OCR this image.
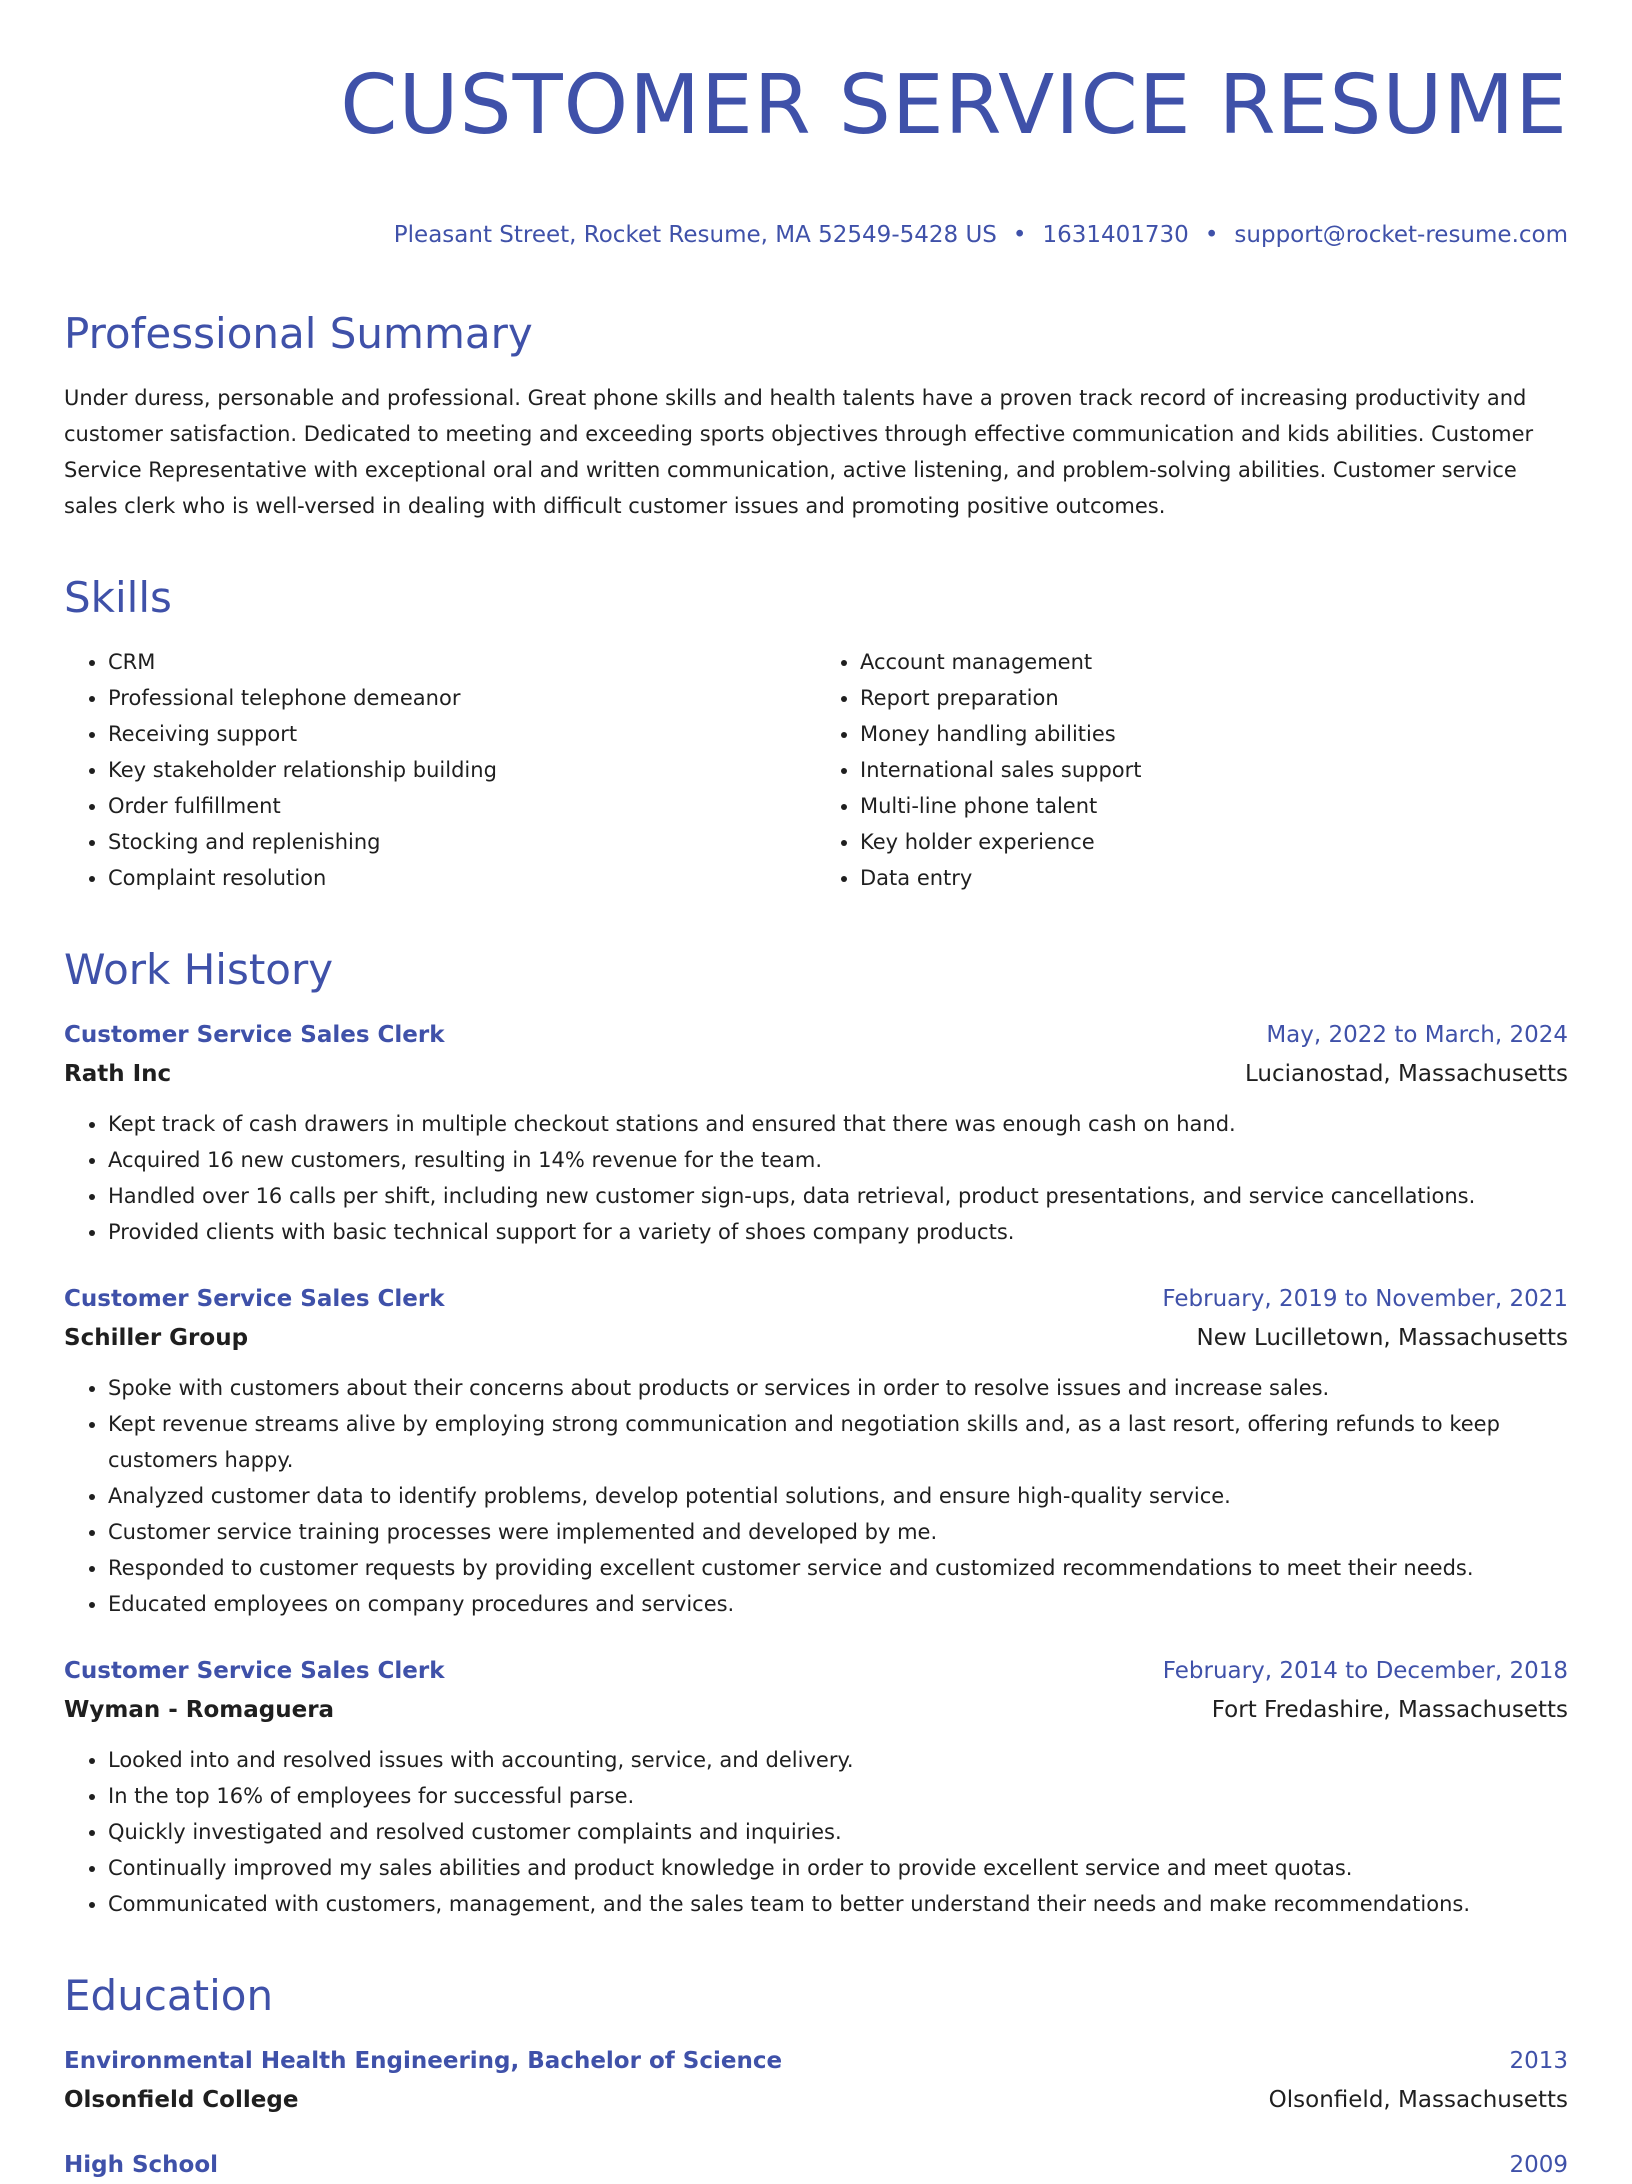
CUSTOMER SERVICE RESUME
Pleasant Street, Rocket Resume, MA 52549-5428 US • 1631401730 • support@rocket-resume.com
Professional Summary

Under duress, personable and professional. Great phone skills and health talents have a proven track record of increasing productivity and customer satisfaction. Dedicated to meeting and exceeding sports objectives through effective communication and kids abilities. Customer Service Representative with exceptional oral and written communication, active listening, and problem-solving abilities. Customer service sales clerk who is well-versed in dealing with difficult customer issues and promoting positive outcomes.

Skills
• CRM
• Professional telephone demeanor
• Receiving support
• Key stakeholder relationship building
• Order fulfillment
• Stocking and replenishing
• Complaint resolution
• Account management
• Report preparation
• Money handling abilities
• International sales support
• Multi-line phone talent
• Key holder experience
• Data entry
Work History
Customer Service Sales Clerk	May, 2022 to March, 2024
Rath Inc	Lucianostad, Massachusetts
• Kept track of cash drawers in multiple checkout stations and ensured that there was enough cash on hand.
• Acquired 16 new customers, resulting in 14% revenue for the team.
• Handled over 16 calls per shift, including new customer sign-ups, data retrieval, product presentations, and service cancellations.
• Provided clients with basic technical support for a variety of shoes company products.
Customer Service Sales Clerk	February, 2019 to November, 2021
Schiller Group	New Lucilletown, Massachusetts
• Spoke with customers about their concerns about products or services in order to resolve issues and increase sales.
• Kept revenue streams alive by employing strong communication and negotiation skills and, as a last resort, offering refunds to keep customers happy.
• Analyzed customer data to identify problems, develop potential solutions, and ensure high-quality service.
• Customer service training processes were implemented and developed by me.
• Responded to customer requests by providing excellent customer service and customized recommendations to meet their needs.
• Educated employees on company procedures and services.
Customer Service Sales Clerk	February, 2014 to December, 2018
Wyman - Romaguera	Fort Fredashire, Massachusetts
• Looked into and resolved issues with accounting, service, and delivery.
• In the top 16% of employees for successful parse.
• Quickly investigated and resolved customer complaints and inquiries.
• Continually improved my sales abilities and product knowledge in order to provide excellent service and meet quotas.
• Communicated with customers, management, and the sales team to better understand their needs and make recommendations.
Education
Environmental Health Engineering, Bachelor of Science	2013
Olsonfield College	Olsonfield, Massachusetts
High School	2009
